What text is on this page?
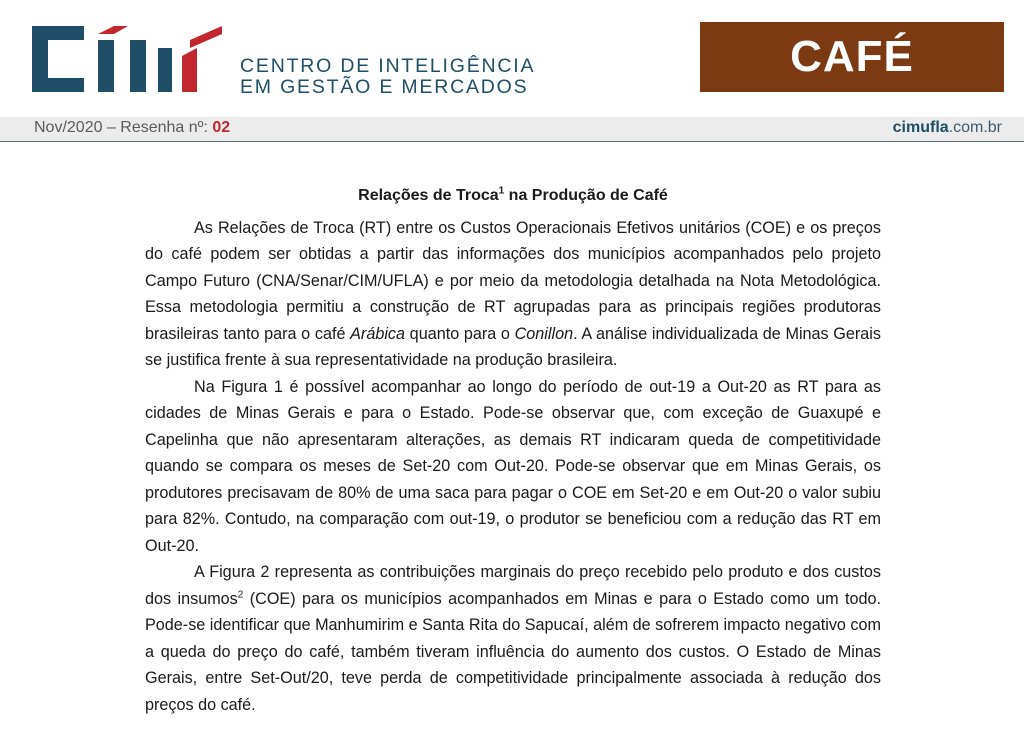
CENTRO DE INTELIGÊNCIA
EM GESTÃO E MERCADOS
CAFÉ
Nov/2020 – Resenha nº: 02	cimufla.com.br
Relações de Troca$^1$ na Produção de Café

As Relações de Troca (RT) entre os Custos Operacionais Efetivos unitários (COE) e os preços do café podem ser obtidas a partir das informações dos municípios acompanhados pelo projeto Campo Futuro (CNA/Senar/CIM/UFLA) e por meio da metodologia detalhada na Nota Metodológica. Essa metodologia permitiu a construção de RT agrupadas para as principais regiões produtoras brasileiras tanto para o café Arábica quanto para o Conillon. A análise individualizada de Minas Gerais se justifica frente à sua representatividade na produção brasileira.

Na Figura 1 é possível acompanhar ao longo do período de out-19 a Out-20 as RT para as cidades de Minas Gerais e para o Estado. Pode-se observar que, com exceção de Guaxupé e Capelinha que não apresentaram alterações, as demais RT indicaram queda de competitividade quando se compara os meses de Set-20 com Out-20. Pode-se observar que em Minas Gerais, os produtores precisavam de 80% de uma saca para pagar o COE em Set-20 e em Out-20 o valor subiu para 82%. Contudo, na comparação com out-19, o produtor se beneficiou com a redução das RT em Out-20.

A Figura 2 representa as contribuições marginais do preço recebido pelo produto e dos custos dos insumos$^2$ (COE) para os municípios acompanhados em Minas e para o Estado como um todo. Pode-se identificar que Manhumirim e Santa Rita do Sapucaí, além de sofrerem impacto negativo com a queda do preço do café, também tiveram influência do aumento dos custos. O Estado de Minas Gerais, entre Set-Out/20, teve perda de competitividade principalmente associada à redução dos preços do café.
